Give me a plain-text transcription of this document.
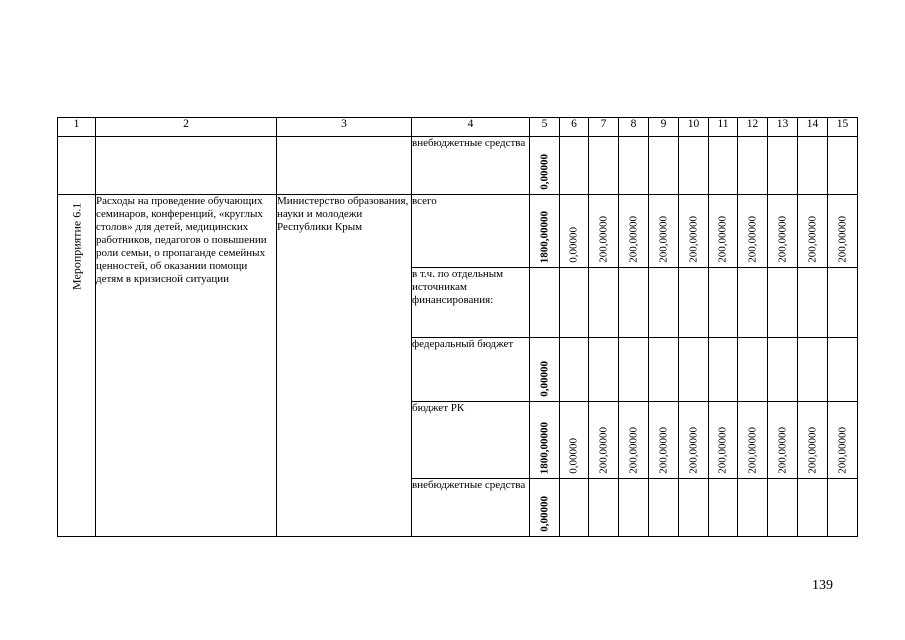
1	2	3	4	5	6	7	8	9	10	11	12	13	14	15
			внебюджетные средства	0,00000										

Мероприятие 6.1	Расходы на проведение обучающих семинаров, конференций, «круглых столов» для детей, медицинских работников, педагогов о повышении роли семьи, о пропаганде семейных ценностей, об оказании помощи детям в кризисной ситуации	Министерство образования, науки и молодежи Республики Крым	всего	1800,00000	0,00000	200,00000	200,00000	200,00000	200,00000	200,00000	200,00000	200,00000	200,00000	200,00000

			в т.ч. по отдельным источникам финансирования:											
			федеральный бюджет	0,00000										

			бюджет РК	1800,00000	0,00000	200,00000	200,00000	200,00000	200,00000	200,00000	200,00000	200,00000	200,00000	200,00000

			внебюджетные средства	0,00000										

139
